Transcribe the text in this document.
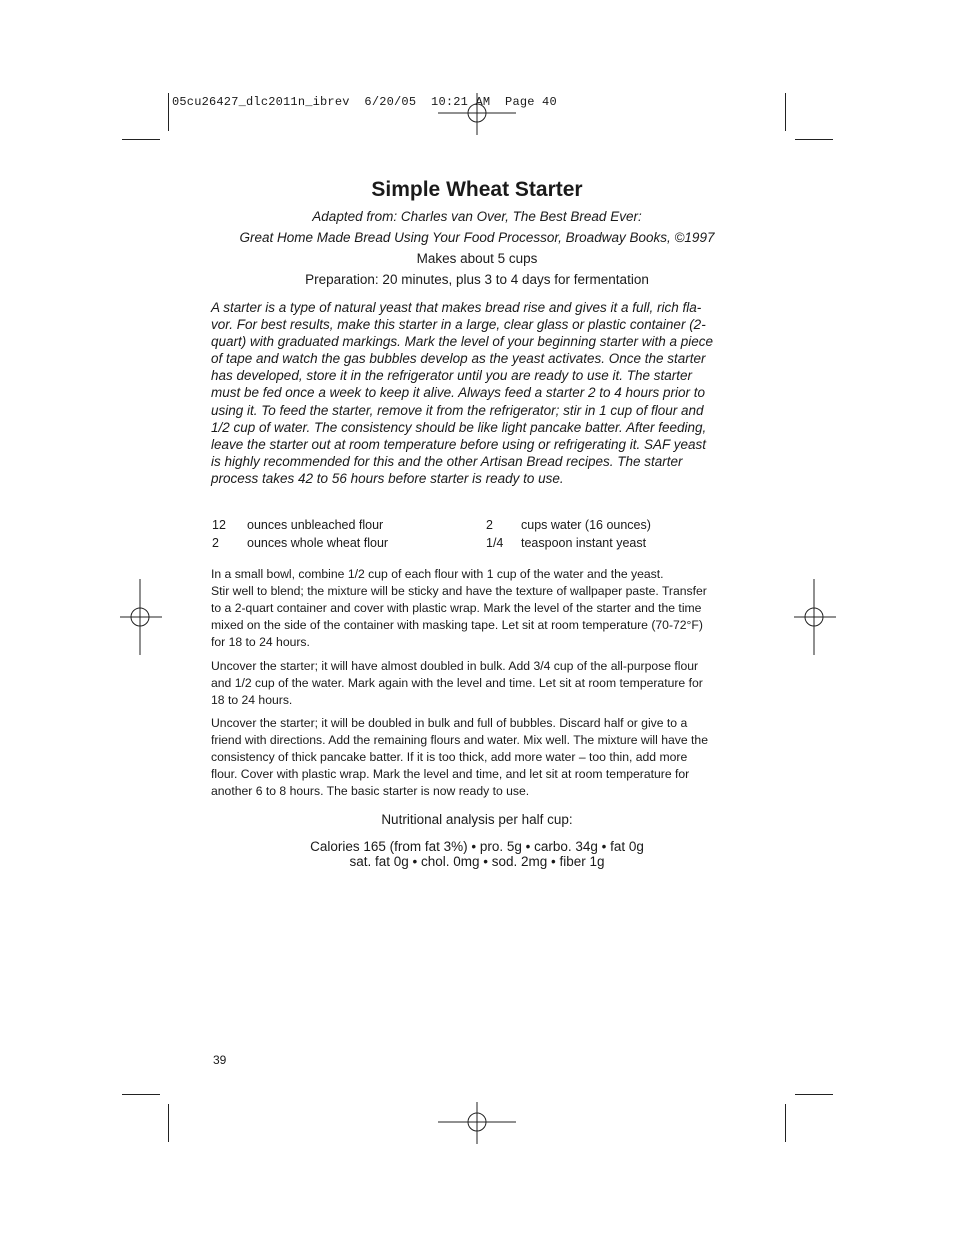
05cu26427_dlc2011n_ibrev  6/20/05  10:21 AM  Page 40
Simple Wheat Starter
Adapted from: Charles van Over, The Best Bread Ever:
Great Home Made Bread Using Your Food Processor, Broadway Books, ©1997
Makes about 5 cups
Preparation: 20 minutes, plus 3 to 4 days for fermentation
A starter is a type of natural yeast that makes bread rise and gives it a full, rich fla-
vor. For best results, make this starter in a large, clear glass or plastic container (2-
quart) with graduated markings. Mark the level of your beginning starter with a piece
of tape and watch the gas bubbles develop as the yeast activates. Once the starter
has developed, store it in the refrigerator until you are ready to use it. The starter
must be fed once a week to keep it alive. Always feed a starter 2 to 4 hours prior to
using it. To feed the starter, remove it from the refrigerator; stir in 1 cup of flour and
1/2 cup of water. The consistency should be like light pancake batter. After feeding,
leave the starter out at room temperature before using or refrigerating it. SAF yeast
is highly recommended for this and the other Artisan Bread recipes. The starter
process takes 42 to 56 hours before starter is ready to use.
12 ounces unbleached flour	2 cups water (16 ounces)
2 ounces whole wheat flour	1/4 teaspoon instant yeast
In a small bowl, combine 1/2 cup of each flour with 1 cup of the water and the yeast.
Stir well to blend; the mixture will be sticky and have the texture of wallpaper paste. Transfer
to a 2-quart container and cover with plastic wrap. Mark the level of the starter and the time
mixed on the side of the container with masking tape. Let sit at room temperature (70-72°F)
for 18 to 24 hours.
Uncover the starter; it will have almost doubled in bulk. Add 3/4 cup of the all-purpose flour
and 1/2 cup of the water. Mark again with the level and time. Let sit at room temperature for
18 to 24 hours.
Uncover the starter; it will be doubled in bulk and full of bubbles. Discard half or give to a
friend with directions. Add the remaining flours and water. Mix well. The mixture will have the
consistency of thick pancake batter. If it is too thick, add more water – too thin, add more
flour. Cover with plastic wrap. Mark the level and time, and let sit at room temperature for
another 6 to 8 hours. The basic starter is now ready to use.
Nutritional analysis per half cup:
Calories 165 (from fat 3%) • pro. 5g • carbo. 34g • fat 0g
sat. fat 0g • chol. 0mg • sod. 2mg • fiber 1g
39
